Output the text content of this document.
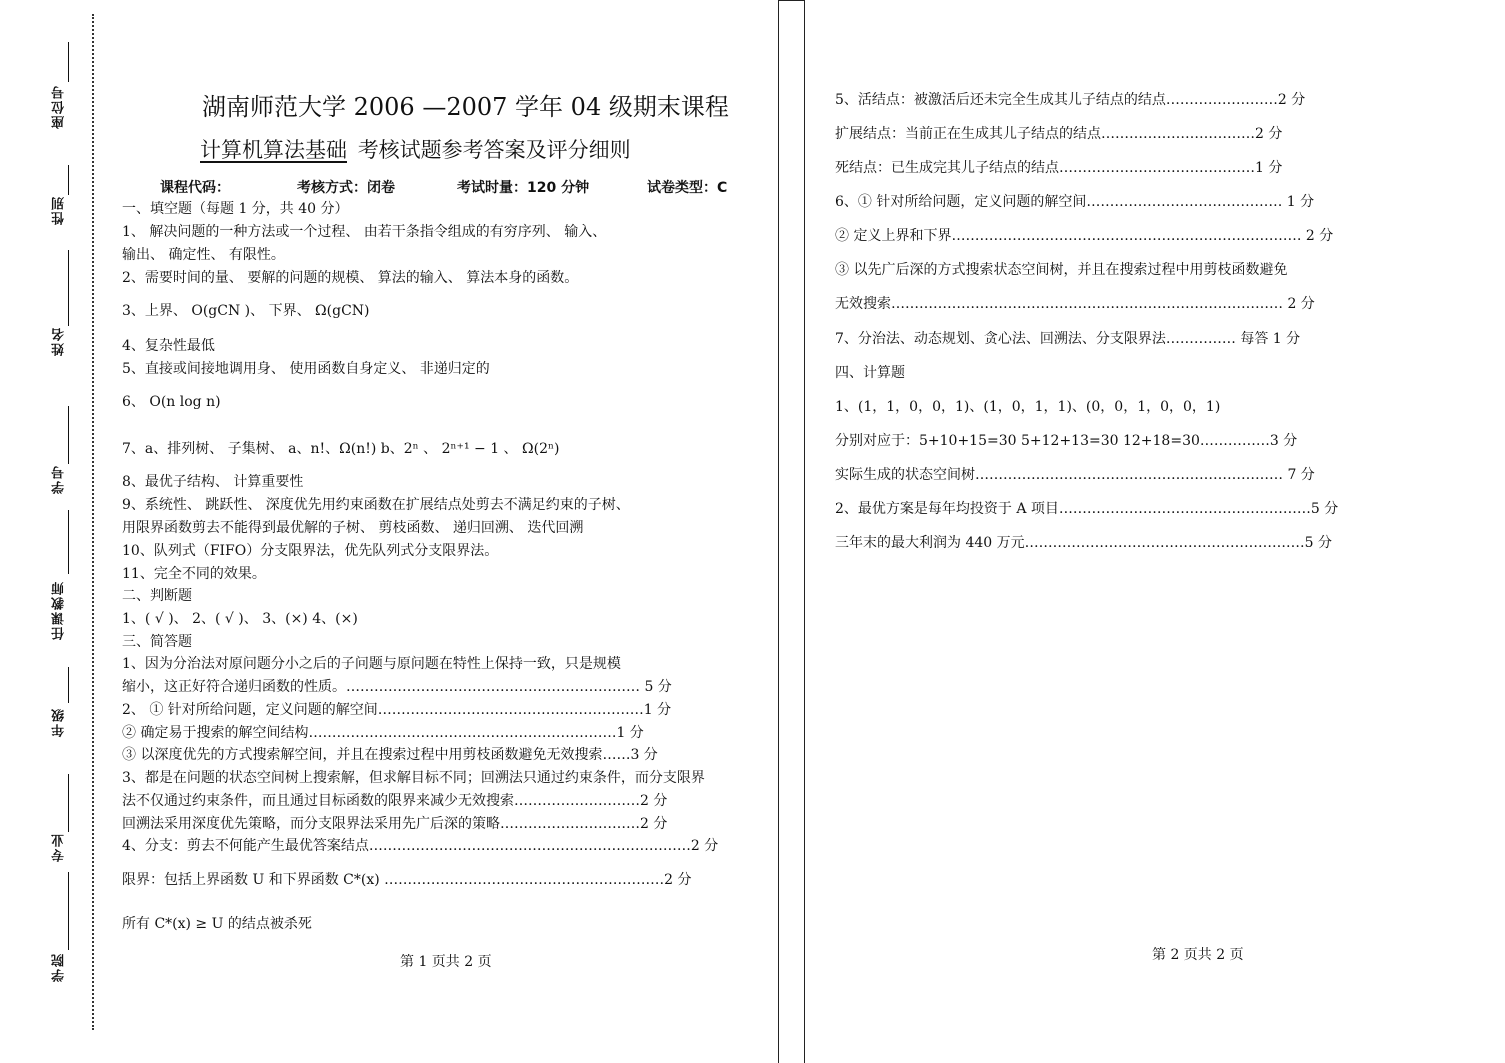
座位号
性别
姓名
学号
任课教师
年级
专业
学院
湖南师范大学 2006 —2007 学年 04 级期末课程
计算机算法基础 考核试题参考答案及评分细则
课程代码：	考核方式：闭卷	考试时量：120 分钟	试卷类型：C
一、填空题（每题 1 分，共 40 分）
1、 解决问题的一种方法或一个过程、 由若干条指令组成的有穷序列、 输入、
输出、 确定性、 有限性。
2、需要时间的量、 要解的问题的规模、 算法的输入、 算法本身的函数。
3、上界、 O(gCN )、 下界、 Ω(gCN)
4、复杂性最低
5、直接或间接地调用身、 使用函数自身定义、 非递归定的
6、 O(n log n)
7、a、排列树、 子集树、 a、n!、Ω(n!) b、2ⁿ 、 2ⁿ⁺¹ − 1 、 Ω(2ⁿ)
8、最优子结构、 计算重要性
9、系统性、 跳跃性、 深度优先用约束函数在扩展结点处剪去不满足约束的子树、
用限界函数剪去不能得到最优解的子树、 剪枝函数、 递归回溯、 迭代回溯
10、队列式（FIFO）分支限界法，优先队列式分支限界法。
11、完全不同的效果。
二、判断题
1、( √ )、 2、( √ )、 3、(×) 4、(×)
三、简答题
1、因为分治法对原问题分小之后的子问题与原问题在特性上保持一致，只是规模
缩小，这正好符合递归函数的性质。……………………………………………………… 5 分
2、 ① 针对所给问题，定义问题的解空间…………………………………………………1 分
② 确定易于搜索的解空间结构…………………………………………………………1 分
③ 以深度优先的方式搜索解空间，并且在搜索过程中用剪枝函数避免无效搜索……3 分
3、都是在问题的状态空间树上搜索解，但求解目标不同；回溯法只通过约束条件，而分支限界
法不仅通过约束条件，而且通过目标函数的限界来减少无效搜索………………………2 分
回溯法采用深度优先策略，而分支限界法采用先广后深的策略…………………………2 分
4、分支：剪去不何能产生最优答案结点……………………………………………………………2 分
限界：包括上界函数 U 和下界函数 C*(x) ……………………………………………………2 分
所有 C*(x) ≥ U 的结点被杀死
第 1 页共 2 页
5、活结点：被激活后还未完全生成其儿子结点的结点……………………2 分
扩展结点：当前正在生成其儿子结点的结点……………………………2 分
死结点：已生成完其儿子结点的结点……………………………………1 分
6、① 针对所给问题，定义问题的解空间…………………………………… 1 分
② 定义上界和下界………………………………………………………………… 2 分
③ 以先广后深的方式搜索状态空间树，并且在搜索过程中用剪枝函数避免
无效搜索………………………………………………………………………… 2 分
7、分治法、动态规划、贪心法、回溯法、分支限界法…………… 每答 1 分
四、计算题
1、(1，1，0，0，1)、(1，0，1，1)、(0，0，1，0，0，1)
分别对应于：5+10+15=30 5+12+13=30 12+18=30……………3 分
实际生成的状态空间树………………………………………………………… 7 分
2、最优方案是每年均投资于 A 项目………………………………………………5 分
三年末的最大利润为 440 万元……………………………………………………5 分
第 2 页共 2 页
